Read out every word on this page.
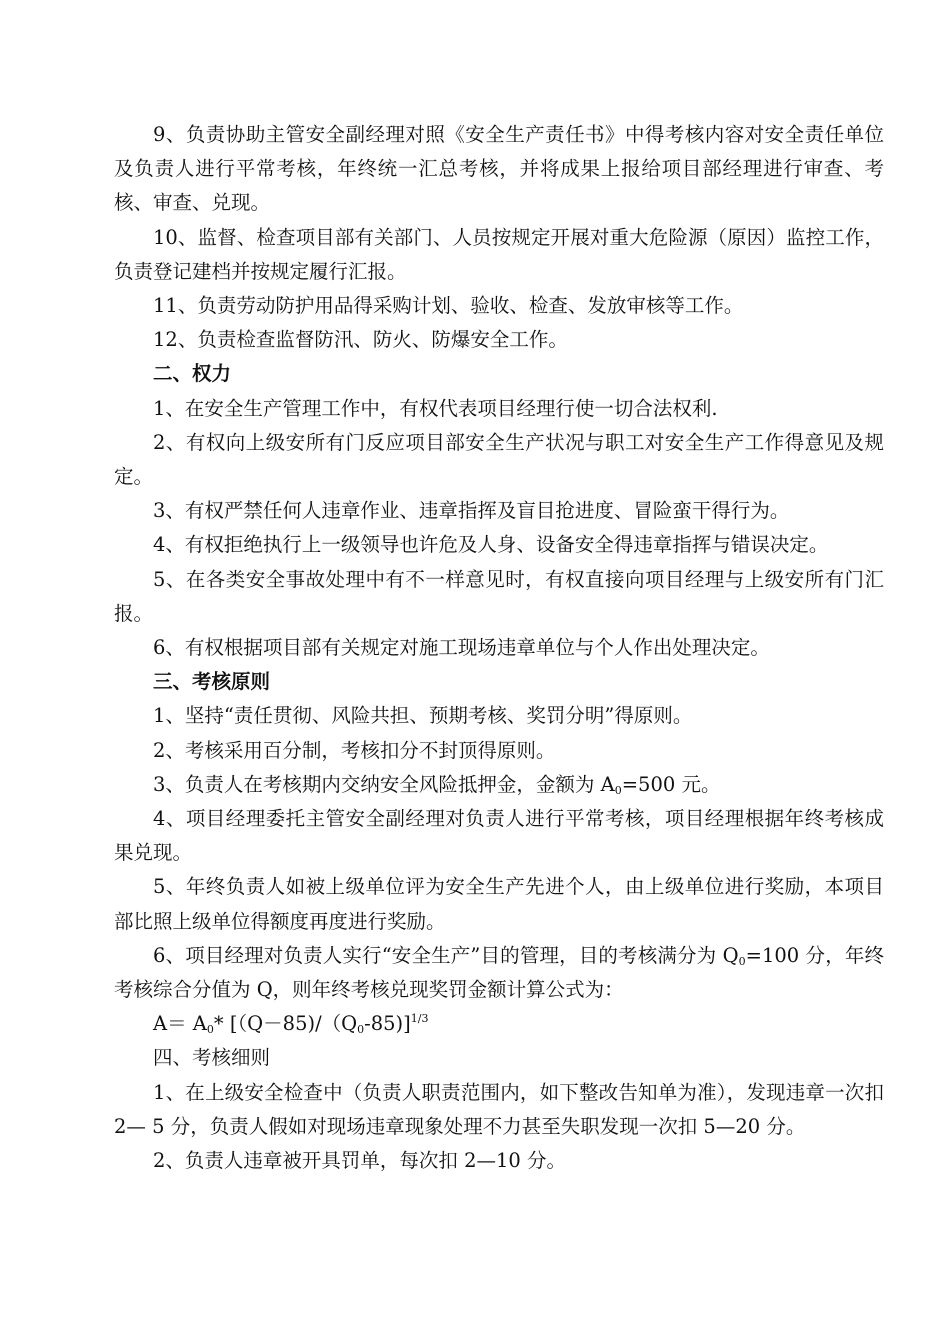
9、负责协助主管安全副经理对照《安全生产责任书》中得考核内容对安全责任单位及负责人进行平常考核，年终统一汇总考核，并将成果上报给项目部经理进行审查、考核、审查、兑现。

10、监督、检查项目部有关部门、人员按规定开展对重大危险源（原因）监控工作，负责登记建档并按规定履行汇报。

11、负责劳动防护用品得采购计划、验收、检查、发放审核等工作。

12、负责检查监督防汛、防火、防爆安全工作。

二、权力

1、在安全生产管理工作中，有权代表项目经理行使一切合法权利.

2、有权向上级安所有门反应项目部安全生产状况与职工对安全生产工作得意见及规定。

3、有权严禁任何人违章作业、违章指挥及盲目抢进度、冒险蛮干得行为。

4、有权拒绝执行上一级领导也许危及人身、设备安全得违章指挥与错误决定。

5、在各类安全事故处理中有不一样意见时，有权直接向项目经理与上级安所有门汇报。

6、有权根据项目部有关规定对施工现场违章单位与个人作出处理决定。

三、考核原则

1、坚持“责任贯彻、风险共担、预期考核、奖罚分明”得原则。

2、考核采用百分制，考核扣分不封顶得原则。

3、负责人在考核期内交纳安全风险抵押金，金额为 $A_0=500$ 元。

4、项目经理委托主管安全副经理对负责人进行平常考核，项目经理根据年终考核成果兑现。

5、年终负责人如被上级单位评为安全生产先进个人，由上级单位进行奖励，本项目部比照上级单位得额度再度进行奖励。

6、项目经理对负责人实行“安全生产”目的管理，目的考核满分为 $Q_0=100$ 分，年终考核综合分值为 Q，则年终考核兑现奖罚金额计算公式为：

$A= A_0*$ $[(Q-85)/(Q_0-85)]^{1/3}$

四、考核细则

1、在上级安全检查中（负责人职责范围内，如下整改告知单为准），发现违章一次扣 2— 5 分，负责人假如对现场违章现象处理不力甚至失职发现一次扣 5—20 分。

2、负责人违章被开具罚单，每次扣 2—10 分。
